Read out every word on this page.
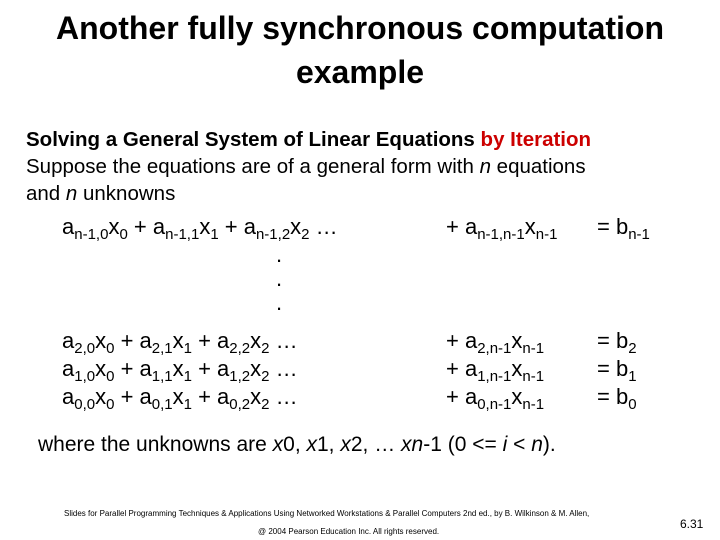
Another fully synchronous computation
example
Solving a General System of Linear Equations by Iteration
Suppose the equations are of a general form with n equations
and n unknowns
$a_{n-1,0}x_0 + a_{n-1,1}x_1 + a_{n-1,2}x_2$ …	+ $a_{n-1,n-1}x_{n-1} = b_{n-1}$
.
.
.
$a_{2,0}x_0 + a_{2,1}x_1 + a_{2,2}x_2$ …	+ $a_{2,n-1}x_{n-1} = b_2$
$a_{1,0}x_0 + a_{1,1}x_1 + a_{1,2}x_2$ …	+ $a_{1,n-1}x_{n-1} = b_1$
$a_{0,0}x_0 + a_{0,1}x_1 + a_{0,2}x_2$ …	+ $a_{0,n-1}x_{n-1} = b_0$
where the unknowns are x0, x1, x2, … xn-1 (0 <= i < n).
Slides for Parallel Programming Techniques & Applications Using Networked Workstations & Parallel Computers 2nd ed., by B. Wilkinson & M. Allen,
@ 2004 Pearson Education Inc. All rights reserved.
6.31
